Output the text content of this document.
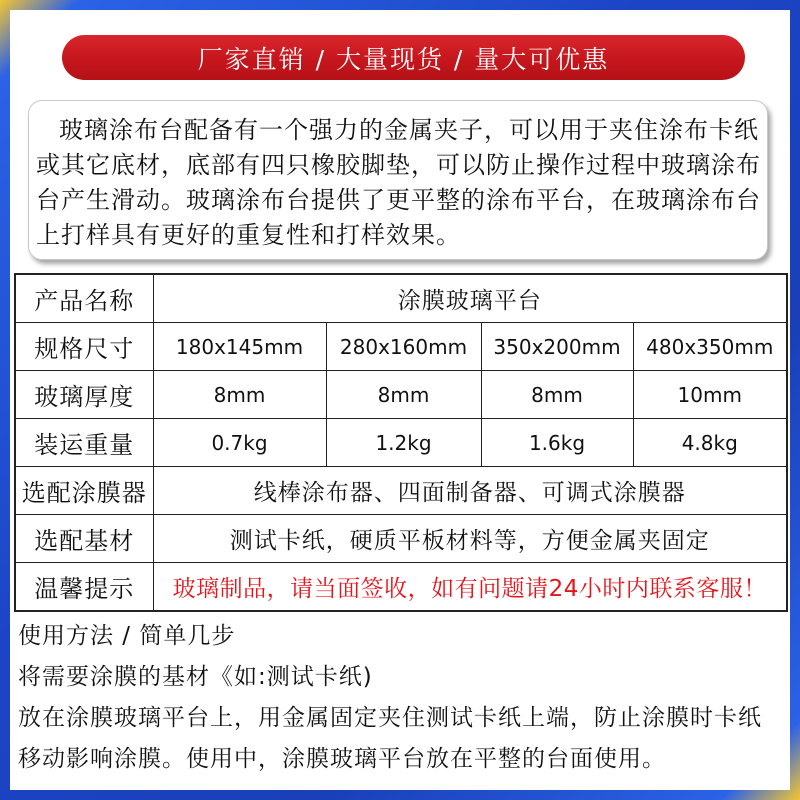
厂家直销 / 大量现货 / 量大可优惠
玻璃涂布台配备有一个强力的金属夹子，可以用于夹住涂布卡纸
或其它底材，底部有四只橡胶脚垫，可以防止操作过程中玻璃涂布
台产生滑动。玻璃涂布台提供了更平整的涂布平台，在玻璃涂布台
上打样具有更好的重复性和打样效果。
产品名称	涂膜玻璃平台			
规格尺寸	180x145mm	280x160mm	350x200mm	480x350mm
玻璃厚度	8mm	8mm	8mm	10mm
装运重量	0.7kg	1.2kg	1.6kg	4.8kg
选配涂膜器	线棒涂布器、四面制备器、可调式涂膜器			
选配基材	测试卡纸，硬质平板材料等，方便金属夹固定			
温馨提示	玻璃制品，请当面签收，如有问题请24小时内联系客服！			
使用方法 / 简单几步
将需要涂膜的基材《如:测试卡纸)
放在涂膜玻璃平台上，用金属固定夹住测试卡纸上端，防止涂膜时卡纸
移动影响涂膜。使用中，涂膜玻璃平台放在平整的台面使用。
